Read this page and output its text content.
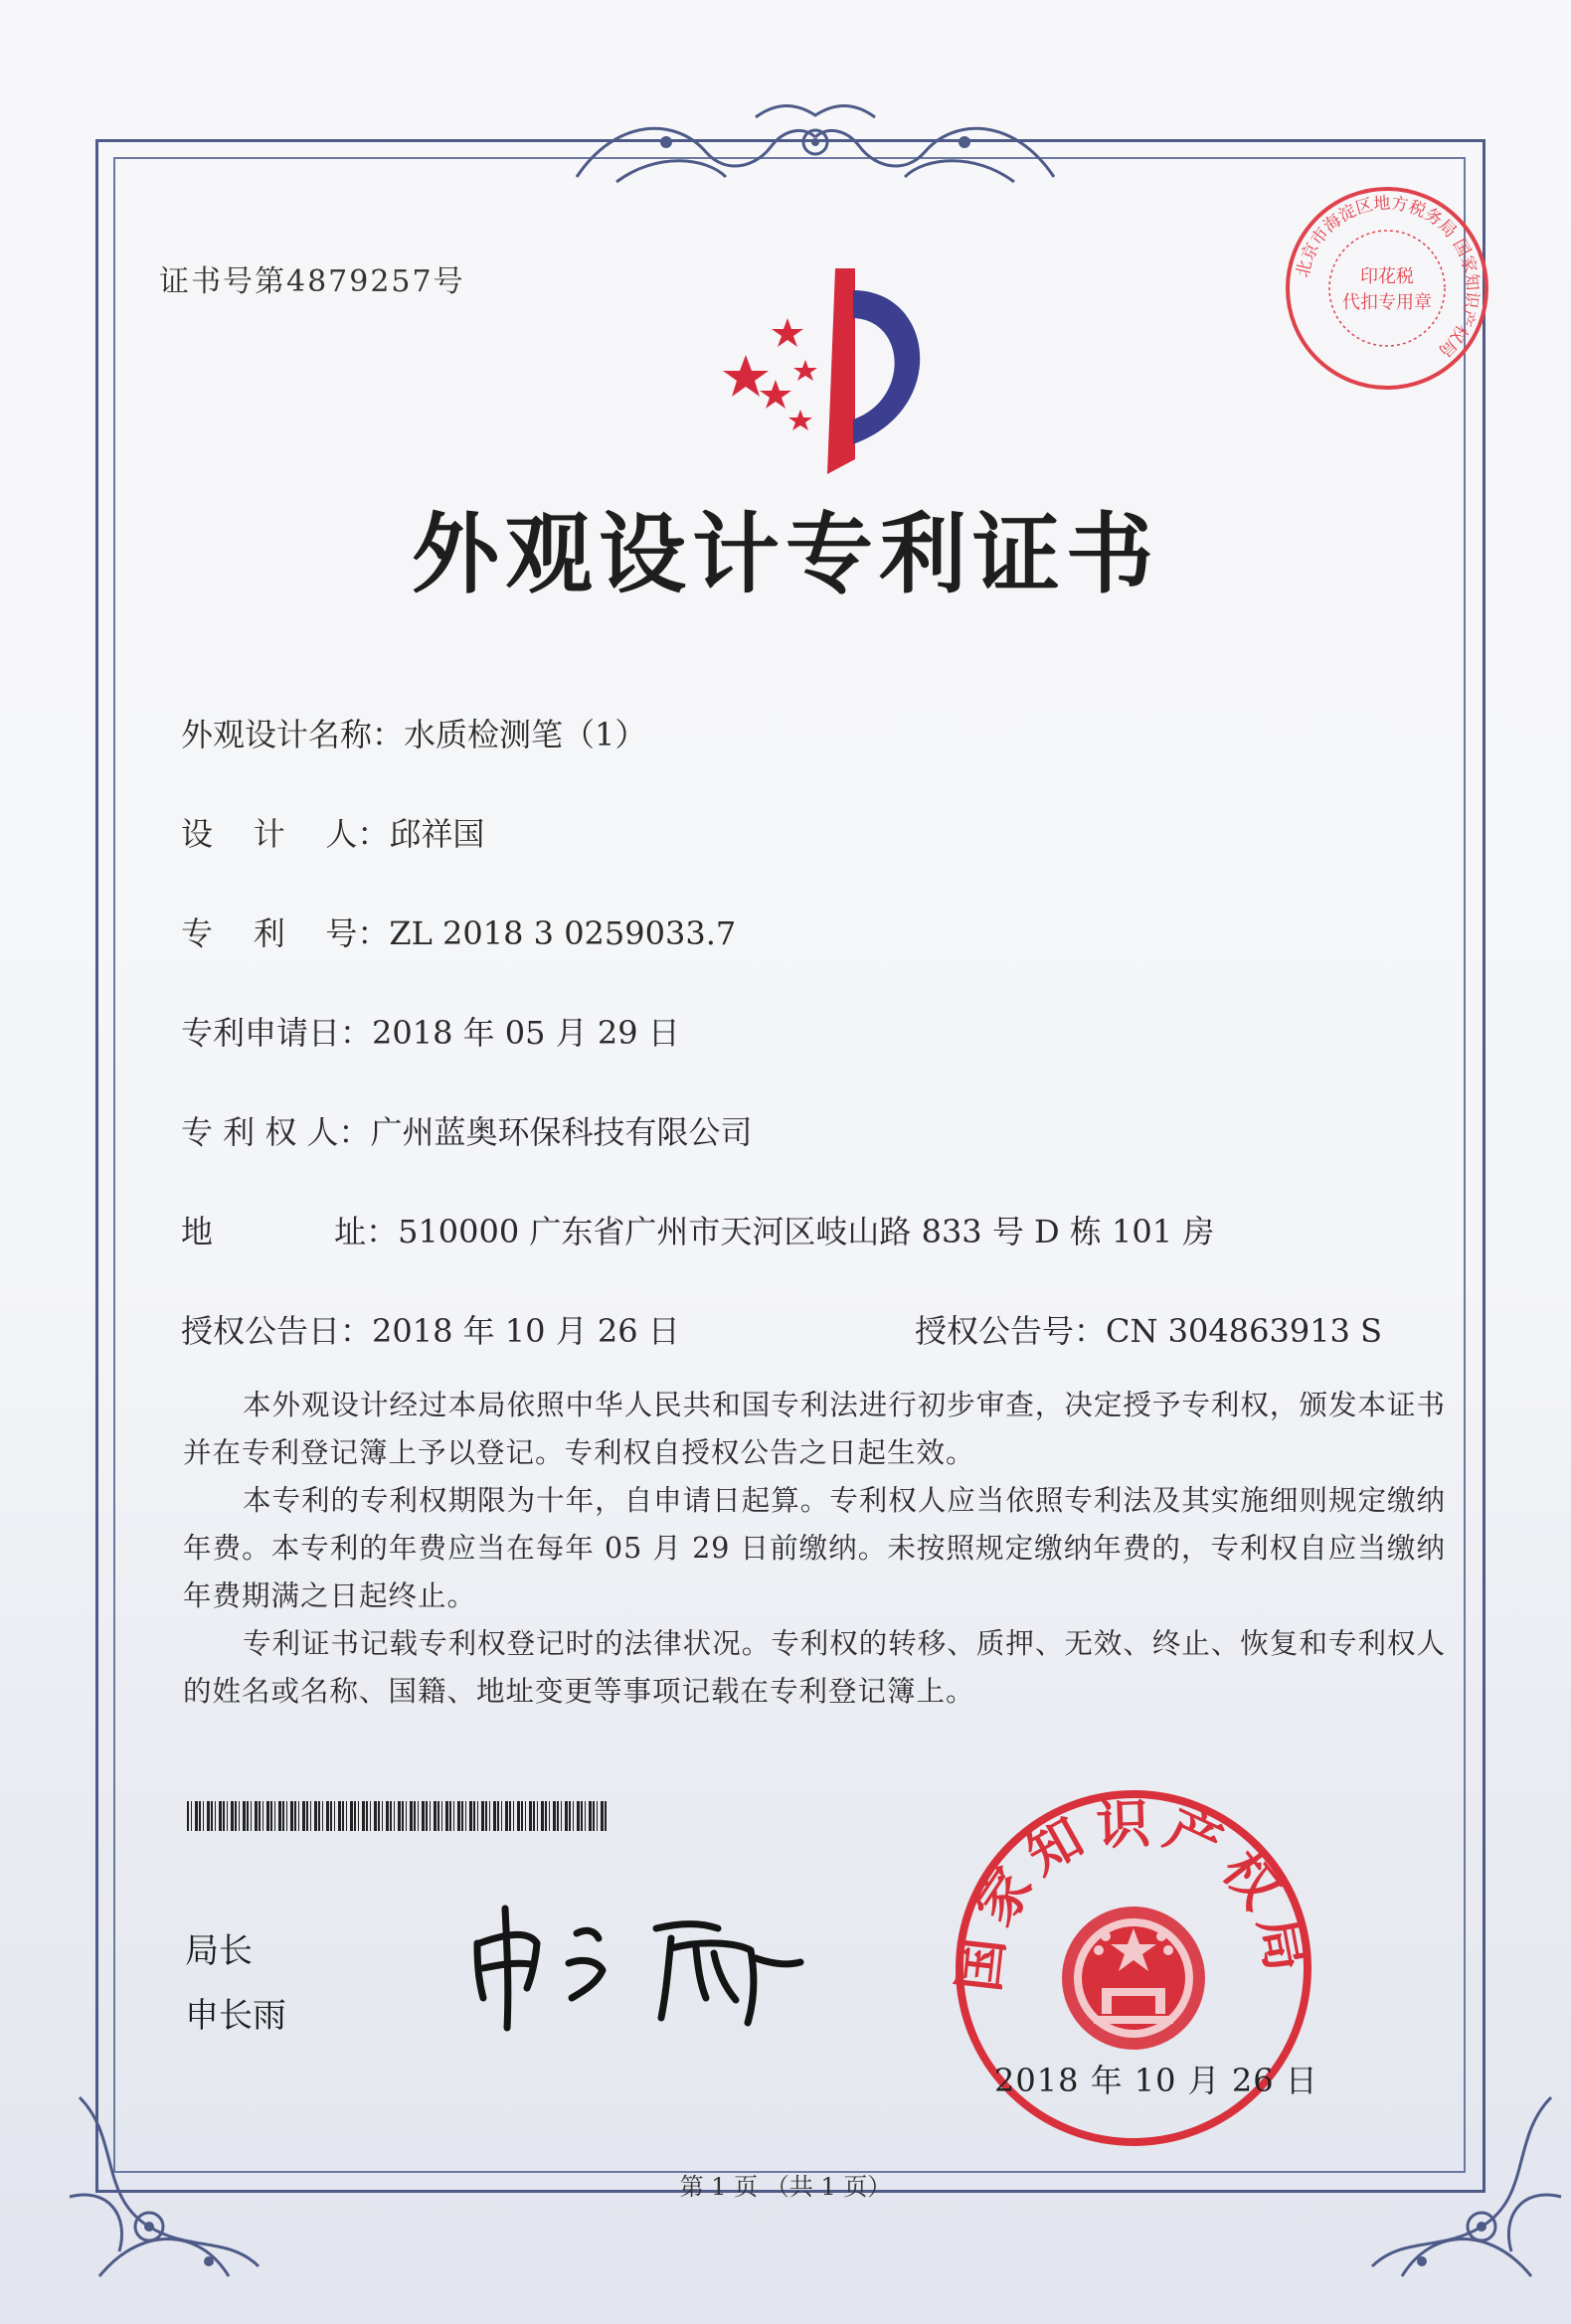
证书号第4879257号	北京市海淀区地方税务局 国家知识产权局
印花税
代扣专用章
外观设计专利证书
外观设计名称：水质检测笔（1）
设    计    人：邱祥国
专    利    号：ZL 2018 3 0259033.7
专利申请日：2018 年 05 月 29 日
专 利 权 人：广州蓝奥环保科技有限公司
地            址：510000 广东省广州市天河区岐山路 833 号 D 栋 101 房
授权公告日：2018 年 10 月 26 日	授权公告号：CN 304863913 S
本外观设计经过本局依照中华人民共和国专利法进行初步审查，决定授予专利权，颁发本证书并在专利登记簿上予以登记。专利权自授权公告之日起生效。
本专利的专利权期限为十年，自申请日起算。专利权人应当依照专利法及其实施细则规定缴纳年费。本专利的年费应当在每年 05 月 29 日前缴纳。未按照规定缴纳年费的，专利权自应当缴纳年费期满之日起终止。
专利证书记载专利权登记时的法律状况。专利权的转移、质押、无效、终止、恢复和专利权人的姓名或名称、国籍、地址变更等事项记载在专利登记簿上。
局长
申长雨
国家知识产权局
2018 年 10 月 26 日
第 1 页 （共 1 页）
